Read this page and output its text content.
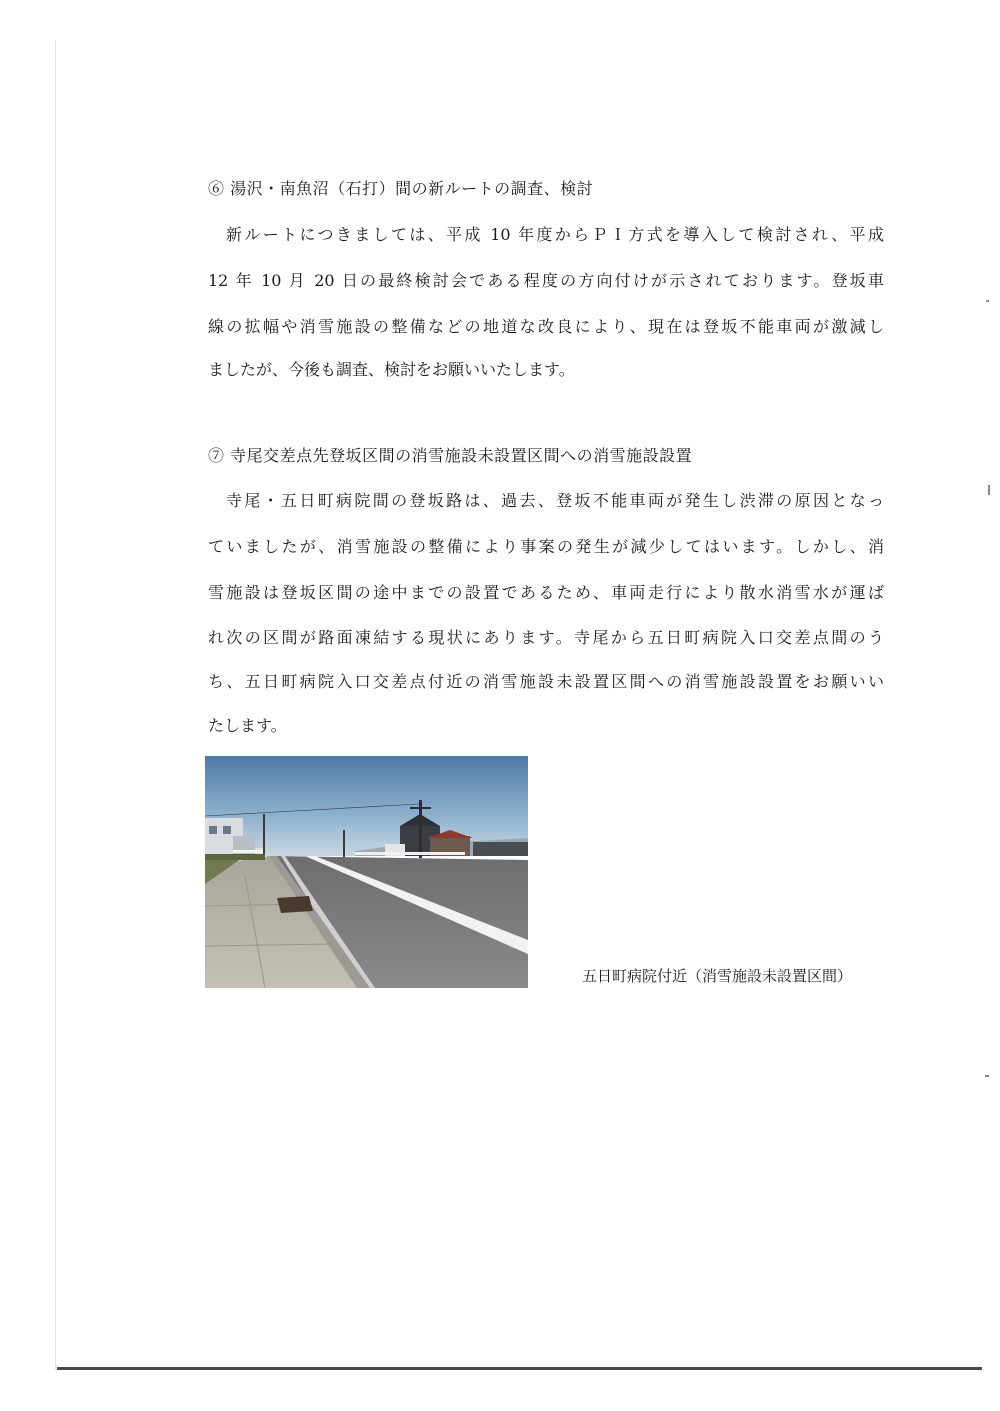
⑥ 湯沢・南魚沼（石打）間の新ルートの調査、検討
新ルートにつきましては、平成 10 年度からＰＩ方式を導入して検討され、平成
12 年 10 月 20 日の最終検討会である程度の方向付けが示されております。登坂車
線の拡幅や消雪施設の整備などの地道な改良により、現在は登坂不能車両が激減し
ましたが、今後も調査、検討をお願いいたします。
⑦ 寺尾交差点先登坂区間の消雪施設未設置区間への消雪施設設置
寺尾・五日町病院間の登坂路は、過去、登坂不能車両が発生し渋滞の原因となっ
ていましたが、消雪施設の整備により事案の発生が減少してはいます。しかし、消
雪施設は登坂区間の途中までの設置であるため、車両走行により散水消雪水が運ば
れ次の区間が路面凍結する現状にあります。寺尾から五日町病院入口交差点間のう
ち、五日町病院入口交差点付近の消雪施設未設置区間への消雪施設設置をお願いい
たします。
五日町病院付近（消雪施設未設置区間）
